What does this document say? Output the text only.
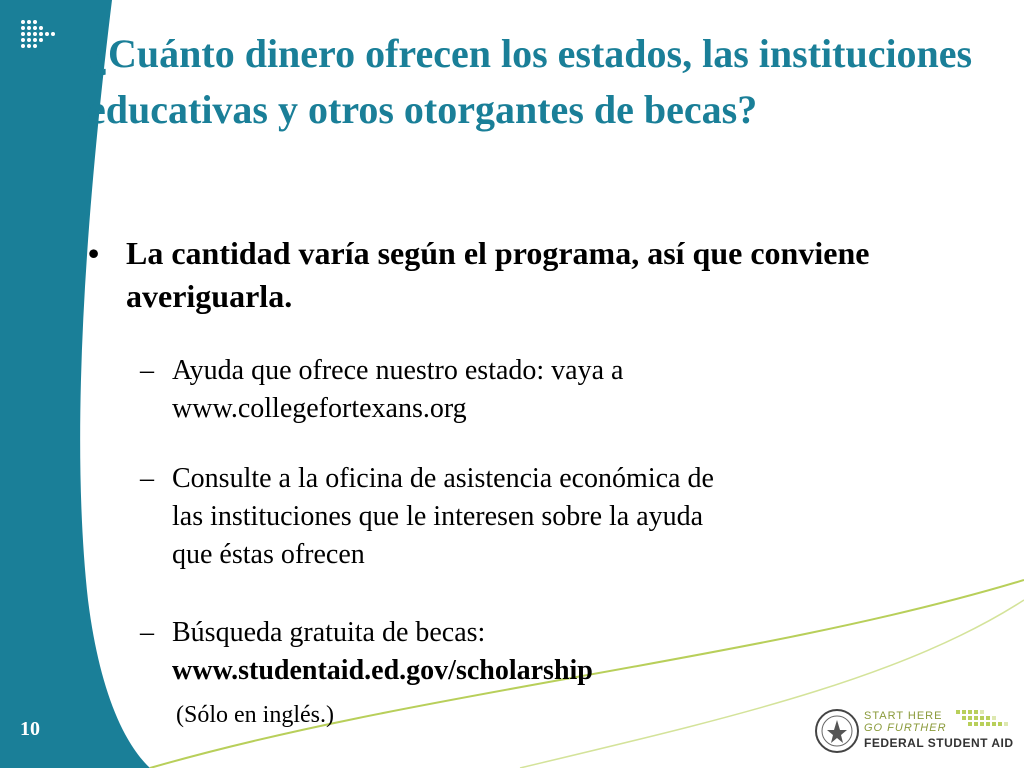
¿Cuánto dinero ofrecen los estados, las instituciones educativas y otros otorgantes de becas?
• La cantidad varía según el programa, así que conviene averiguarla.
– Ayuda que ofrece nuestro estado: vaya a
www.collegefortexans.org
– Consulte a la oficina de asistencia económica de
las instituciones que le interesen sobre la ayuda
que éstas ofrecen
– Búsqueda gratuita de becas:
www.studentaid.ed.gov/scholarship
(Sólo en inglés.)
10
START HERE
GO FURTHER
FEDERAL STUDENT AID
